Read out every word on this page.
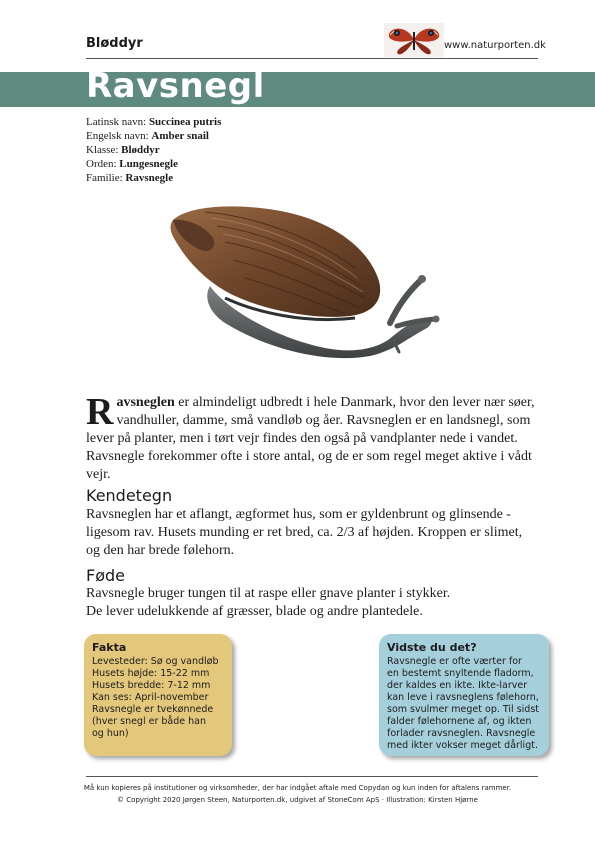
Bløddyr	www.naturporten.dk
Ravsnegl
Latinsk navn: Succinea putris
Engelsk navn: Amber snail
Klasse: Bløddyr
Orden: Lungesnegle
Familie: Ravsnegle
Ravsneglen er almindeligt udbredt i hele Danmark, hvor den lever nær søer,
vandhuller, damme, små vandløb og åer. Ravsneglen er en landsnegl, som
lever på planter, men i tørt vejr findes den også på vandplanter nede i vandet.
Ravsnegle forekommer ofte i store antal, og de er som regel meget aktive i vådt
vejr.
Kendetegn
Ravsneglen har et aflangt, ægformet hus, som er gyldenbrunt og glinsende -
ligesom rav. Husets munding er ret bred, ca. 2/3 af højden. Kroppen er slimet,
og den har brede følehorn.
Føde
Ravsnegle bruger tungen til at raspe eller gnave planter i stykker.
De lever udelukkende af græsser, blade og andre plantedele.
Fakta
Levesteder: Sø og vandløb
Husets højde: 15-22 mm
Husets bredde: 7-12 mm
Kan ses: April-november
Ravsnegle er tvekønnede
(hver snegl er både han
og hun)
Vidste du det?
Ravsnegle er ofte værter for
en bestemt snyltende fladorm,
der kaldes en ikte. Ikte-larver
kan leve i ravsneglens følehorn,
som svulmer meget op. Til sidst
falder følehornene af, og ikten
forlader ravsneglen. Ravsnegle
med ikter vokser meget dårligt.
Må kun kopieres på institutioner og virksomheder, der har indgået aftale med Copydan og kun inden for aftalens rammer.
© Copyright 2020 Jørgen Steen, Naturporten.dk, udgivet af StoneCom ApS · Illustration: Kirsten Hjørne
